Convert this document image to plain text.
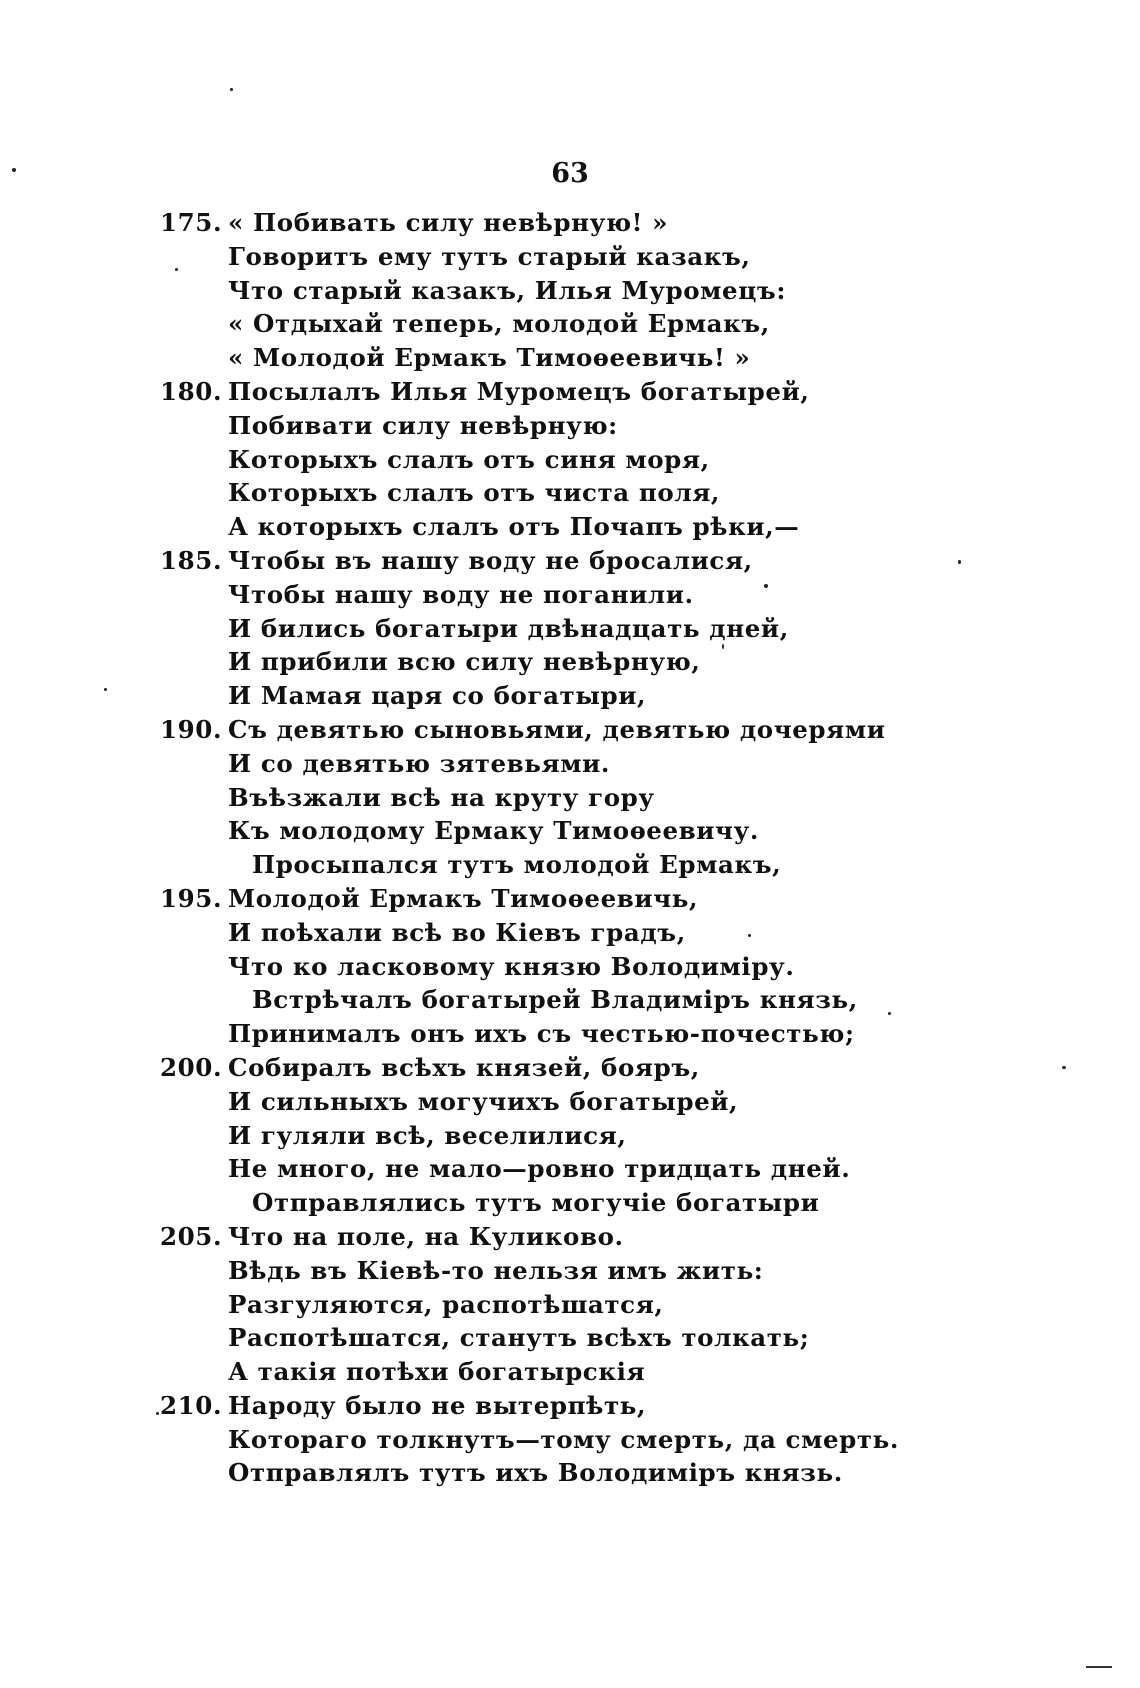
63
175. « Побивать силу невѣрную! »
Говоритъ ему тутъ старый казакъ,
Что старый казакъ, Илья Муромецъ:
« Отдыхай теперь, молодой Ермакъ,
« Молодой Ермакъ Тимоѳеевичь! »
180. Посылалъ Илья Муромецъ богатырей,
Побивати силу невѣрную:
Которыхъ слалъ отъ синя моря,
Которыхъ слалъ отъ чиста поля,
А которыхъ слалъ отъ Почапъ рѣки,—
185. Чтобы въ нашу воду не бросалися,
Чтобы нашу воду не поганили.
И бились богатыри двѣнадцать дней,
И прибили всю силу невѣрную,
И Мамая царя со богатыри,
190. Съ девятью сыновьями, девятью дочерями
И со девятью зятевьями.
Въѣзжали всѣ на круту гору
Къ молодому Ермаку Тимоѳеевичу.
Просыпался тутъ молодой Ермакъ,
195. Молодой Ермакъ Тимоѳеевичь,
И поѣхали всѣ во Кіевъ градъ,
Что ко ласковому князю Володиміру.
Встрѣчалъ богатырей Владиміръ князь,
Принималъ онъ ихъ съ честью-почестью;
200. Собиралъ всѣхъ князей, бояръ,
И сильныхъ могучихъ богатырей,
И гуляли всѣ, веселилися,
Не много, не мало—ровно тридцать дней.
Отправлялись тутъ могучіе богатыри
205. Что на поле, на Куликово.
Вѣдь въ Кіевѣ-то нельзя имъ жить:
Разгуляются, распотѣшатся,
Распотѣшатся, станутъ всѣхъ толкать;
А такія потѣхи богатырскія
210. Народу было не вытерпѣть,
Котораго толкнутъ—тому смерть, да смерть.
Отправлялъ тутъ ихъ Володиміръ князь.
